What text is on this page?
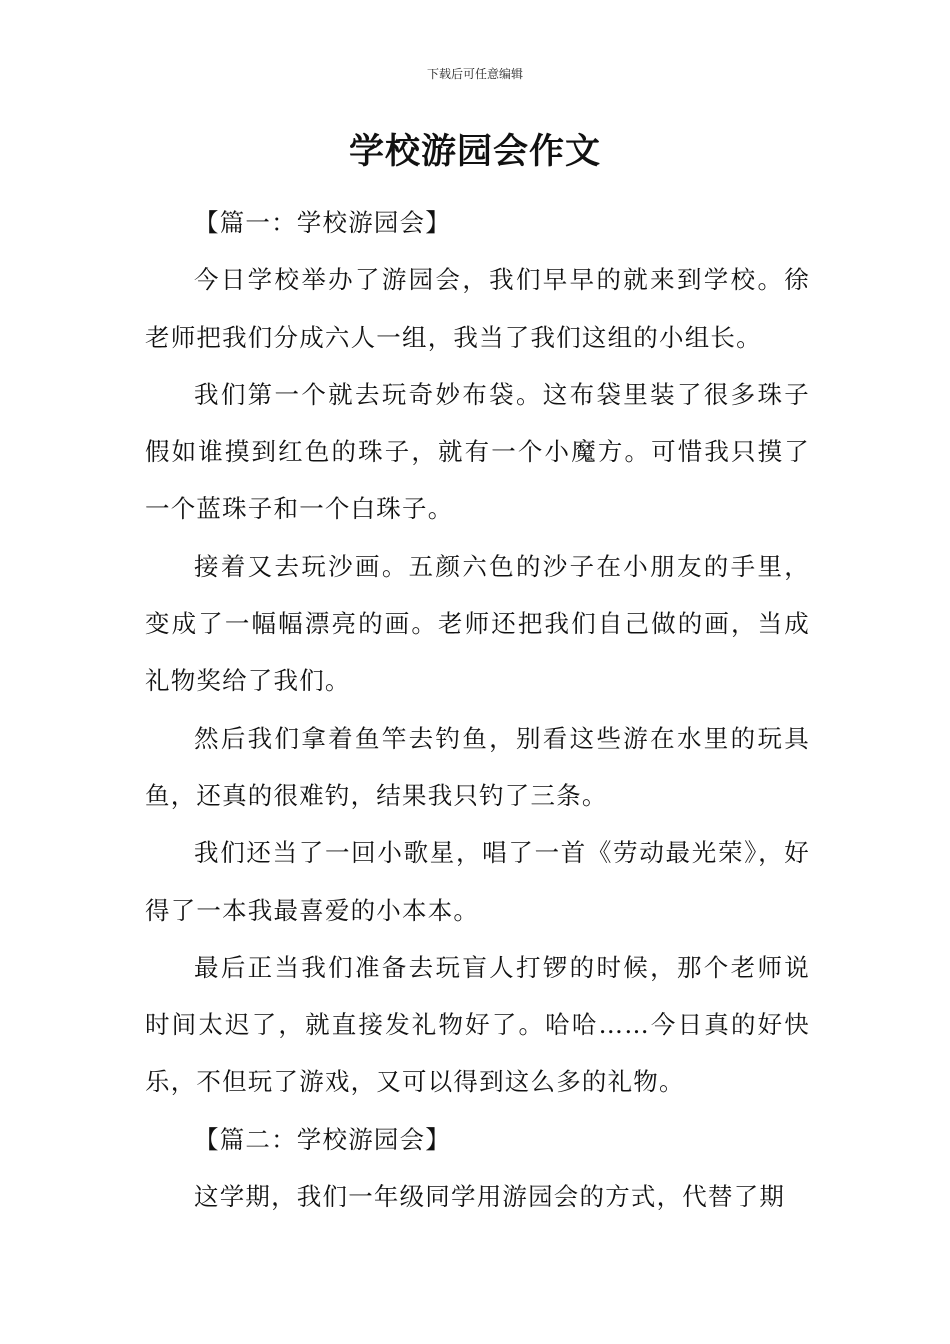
下载后可任意编辑
学校游园会作文

【篇一：学校游园会】

今日学校举办了游园会，我们早早的就来到学校。徐老师把我们分成六人一组，我当了我们这组的小组长。

我们第一个就去玩奇妙布袋。这布袋里装了很多珠子假如谁摸到红色的珠子，就有一个小魔方。可惜我只摸了一个蓝珠子和一个白珠子。

接着又去玩沙画。五颜六色的沙子在小朋友的手里，变成了一幅幅漂亮的画。老师还把我们自己做的画，当成礼物奖给了我们。

然后我们拿着鱼竿去钓鱼，别看这些游在水里的玩具鱼，还真的很难钓，结果我只钓了三条。

我们还当了一回小歌星，唱了一首《劳动最光荣》，好得了一本我最喜爱的小本本。

最后正当我们准备去玩盲人打锣的时候，那个老师说时间太迟了，就直接发礼物好了。哈哈……今日真的好快乐，不但玩了游戏，又可以得到这么多的礼物。

【篇二：学校游园会】

这学期，我们一年级同学用游园会的方式，代替了期
